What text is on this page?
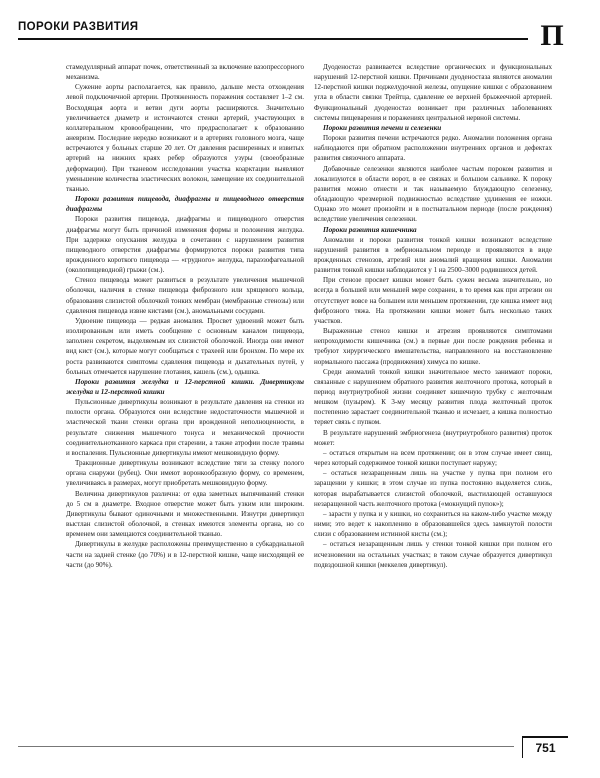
ПОРОКИ РАЗВИТИЯ	П

стамедуллярный аппарат почек, ответственный за включение вазопрессорного механизма.

Сужение аорты располагается, как правило, дальше места отхождения левой подключичной артерии. Протяженность поражения составляет 1–2 см. Восходящая аорта и ветви дуги аорты расширяются. Значительно увеличивается диаметр и истончаются стенки артерий, участвующих в коллатеральном кровообращении, что предрасполагает к образованию аневризм. Последние нередко возникают и в артериях головного мозга, чаще встречаются у больных старше 20 лет. От давления расширенных и извитых артерий на нижних краях ребер образуются узуры (своеобразные деформации). При тканевом исследовании участка коарктации выявляют уменьшение количества эластических волокон, замещение их соединительной тканью.

Пороки развития пищевода, диафрагмы и пищеводного отверстия диафрагмы

Пороки развития пищевода, диафрагмы и пищеводного отверстия диафрагмы могут быть причиной изменения формы и положения желудка. При задержке опускания желудка в сочетании с нарушением развития пищеводного отверстия диафрагмы формируются пороки развития типа врожденного короткого пищевода — «грудного» желудка, параэзофагеальной (околопищеводной) грыжи (см.).

Стеноз пищевода может развиться в результате увеличения мышечной оболочки, наличия в стенке пищевода фиброзного или хрящевого кольца, образования слизистой оболочкой тонких мембран (мембранные стенозы) или сдавления пищевода извне кистами (см.), аномальными сосудами.

Удвоение пищевода — редкая аномалия. Просвет удвоений может быть изолированным или иметь сообщение с основным каналом пищевода, заполнен секретом, выделяемым их слизистой оболочкой. Иногда они имеют вид кист (см.), которые могут сообщаться с трахеей или бронхом. По мере их роста развиваются симптомы сдавления пищевода и дыхательных путей, у больных отмечается нарушение глотания, кашель (см.), одышка.

Пороки развития желудка и 12-перстной кишки. Дивертикулы желудка и 12-перстной кишки

Пульсионные дивертикулы возникают в результате давления на стенки из полости органа. Образуются они вследствие недостаточности мышечной и эластической ткани стенки органа при врожденной неполноценности, в результате снижения мышечного тонуса и механической прочности соединительнотканного каркаса при старении, а также атрофии после травмы и воспаления. Пульсионные дивертикулы имеют мешковидную форму.

Тракционные дивертикулы возникают вследствие тяги за стенку полого органа снаружи (рубец). Они имеют воронкообразную форму, со временем, увеличиваясь в размерах, могут приобретать мешковидную форму.

Величина дивертикулов различна: от едва заметных выпячиваний стенки до 5 см в диаметре. Входное отверстие может быть узким или широким. Дивертикулы бывают одиночными и множественными. Изнутри дивертикул выстлан слизистой оболочкой, в стенках имеются элементы органа, но со временем они замещаются соединительной тканью.

Дивертикулы в желудке расположены преимущественно в субкардиальной части на задней стенке (до 70%) и в 12-перстной кишке, чаще нисходящей ее части (до 90%).

Дуоденостаз развивается вследствие органических и функциональных нарушений 12-перстной кишки. Причинами дуоденостаза являются аномалии 12-перстной кишки поджелудочной железы, опущение кишки с образованием угла в области связки Трейтца, сдавление ее верхней брыжеечной артерией. Функциональный дуоденостаз возникает при различных заболеваниях системы пищеварения и поражениях центральной нервной системы.

Пороки развития печени и селезенки

Пороки развития печени встречаются редко. Аномалии положения органа наблюдаются при обратном расположении внутренних органов и дефектах развития связочного аппарата.

Добавочные селезенки являются наиболее частым пороком развития и локализуются в области ворот, в ее связках и большом сальнике. К пороку развития можно отнести и так называемую блуждающую селезенку, обладающую чрезмерной подвижностью вследствие удлинения ее ножки. Однако это может произойти и в постнатальном периоде (после рождения) вследствие увеличения селезенки.

Пороки развития кишечника

Аномалии и пороки развития тонкой кишки возникают вследствие нарушений развития в эмбриональном периоде и проявляются в виде врожденных стенозов, атрезий или аномалий вращения кишки. Аномалии развития тонкой кишки наблюдаются у 1 на 2500–3000 родившихся детей.

При стенозе просвет кишки может быть сужен весьма значительно, но всегда в большей или меньшей мере сохранен, в то время как при атрезии он отсутствует вовсе на большем или меньшем протяжении, где кишка имеет вид фиброзного тяжа. На протяжении кишки может быть несколько таких участков.

Выраженные стеноз кишки и атрезия проявляются симптомами непроходимости кишечника (см.) в первые дни после рождения ребенка и требуют хирургического вмешательства, направленного на восстановление нормального пассажа (продвижения) химуса по кишке.

Среди аномалий тонкой кишки значительное место занимают пороки, связанные с нарушением обратного развития желточного протока, который в период внутриутробной жизни соединяет кишечную трубку с желточным мешком (пузырем). К 3-му месяцу развития плода желточный проток постепенно зарастает соединительной тканью и исчезает, а кишка полностью теряет связь с пупком.

В результате нарушений эмбриогенеза (внутриутробного развития) проток может:

– остаться открытым на всем протяжении; он в этом случае имеет свищ, через который содержимое тонкой кишки поступает наружу;

– остаться незаращенным лишь на участке у пупка при полном его заращении у кишки; в этом случае из пупка постоянно выделяется слизь, которая вырабатывается слизистой оболочкой, выстилающей оставшуюся незаращенной часть желточного протока («мокнущий пупок»);

– зарасти у пупка и у кишки, но сохраниться на каком-либо участке между ними; это ведет к накоплению в образовавшейся здесь замкнутой полости слизи с образованием истинной кисты (см.);

– остаться незаращенным лишь у стенки тонкой кишки при полном его исчезновении на остальных участках; в таком случае образуется дивертикул подвздошной кишки (меккелев дивертикул).

751
